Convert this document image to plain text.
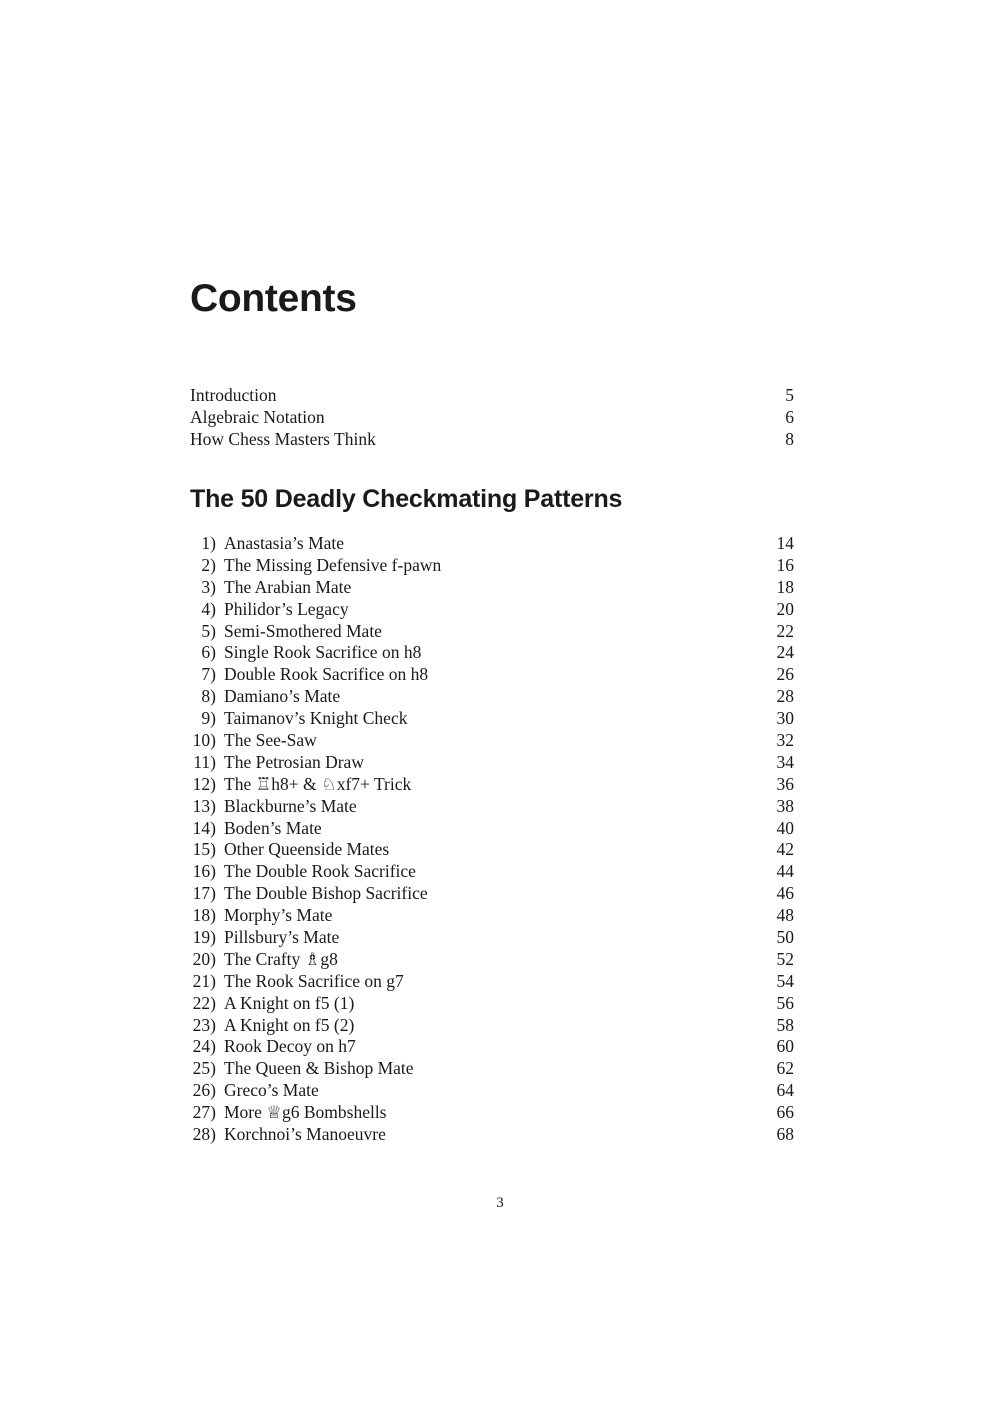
Contents
Introduction	5
Algebraic Notation	6
How Chess Masters Think	8
The 50 Deadly Checkmating Patterns
1) Anastasia’s Mate	14
2) The Missing Defensive f-pawn	16
3) The Arabian Mate	18
4) Philidor’s Legacy	20
5) Semi-Smothered Mate	22
6) Single Rook Sacrifice on h8	24
7) Double Rook Sacrifice on h8	26
8) Damiano’s Mate	28
9) Taimanov’s Knight Check	30
10) The See-Saw	32
11) The Petrosian Draw	34
12) The ♖h8+ & ♘xf7+ Trick	36
13) Blackburne’s Mate	38
14) Boden’s Mate	40
15) Other Queenside Mates	42
16) The Double Rook Sacrifice	44
17) The Double Bishop Sacrifice	46
18) Morphy’s Mate	48
19) Pillsbury’s Mate	50
20) The Crafty ♗g8	52
21) The Rook Sacrifice on g7	54
22) A Knight on f5 (1)	56
23) A Knight on f5 (2)	58
24) Rook Decoy on h7	60
25) The Queen & Bishop Mate	62
26) Greco’s Mate	64
27) More ♕g6 Bombshells	66
28) Korchnoi’s Manoeuvre	68
3
